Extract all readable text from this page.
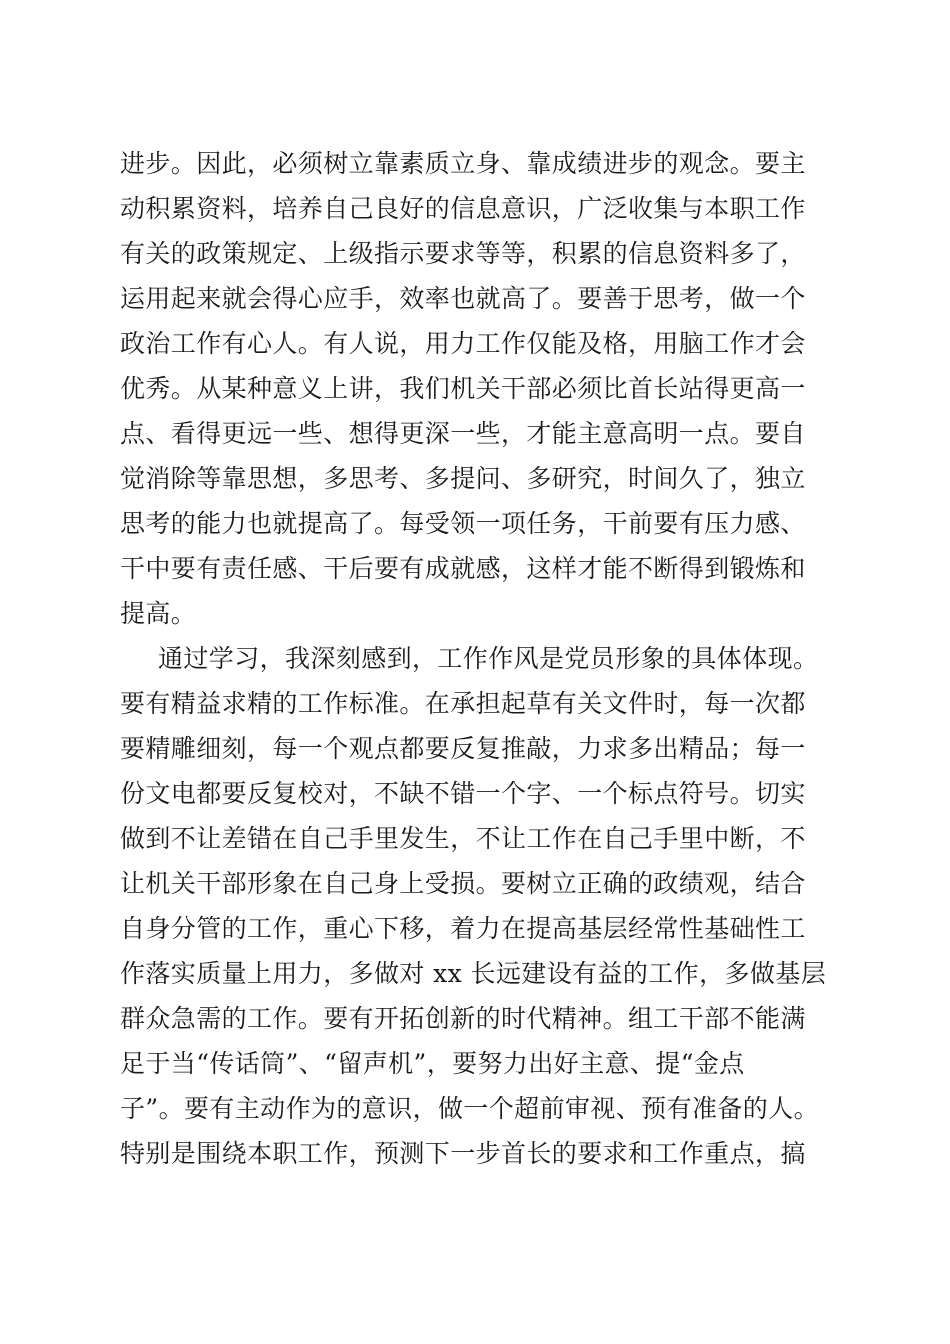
进步。因此，必须树立靠素质立身、靠成绩进步的观念。要主

动积累资料，培养自己良好的信息意识，广泛收集与本职工作

有关的政策规定、上级指示要求等等，积累的信息资料多了，

运用起来就会得心应手，效率也就高了。要善于思考，做一个

政治工作有心人。有人说，用力工作仅能及格，用脑工作才会

优秀。从某种意义上讲，我们机关干部必须比首长站得更高一

点、看得更远一些、想得更深一些，才能主意高明一点。要自

觉消除等靠思想，多思考、多提问、多研究，时间久了，独立

思考的能力也就提高了。每受领一项任务，干前要有压力感、

干中要有责任感、干后要有成就感，这样才能不断得到锻炼和

提高。

通过学习，我深刻感到，工作作风是党员形象的具体体现。

要有精益求精的工作标准。在承担起草有关文件时，每一次都

要精雕细刻，每一个观点都要反复推敲，力求多出精品；每一

份文电都要反复校对，不缺不错一个字、一个标点符号。切实

做到不让差错在自己手里发生，不让工作在自己手里中断，不

让机关干部形象在自己身上受损。要树立正确的政绩观，结合

自身分管的工作，重心下移，着力在提高基层经常性基础性工

作落实质量上用力，多做对 xx 长远建设有益的工作，多做基层

群众急需的工作。要有开拓创新的时代精神。组工干部不能满

足于当“传话筒”、“留声机”，要努力出好主意、提“金点

子”。要有主动作为的意识，做一个超前审视、预有准备的人。

特别是围绕本职工作，预测下一步首长的要求和工作重点，搞
